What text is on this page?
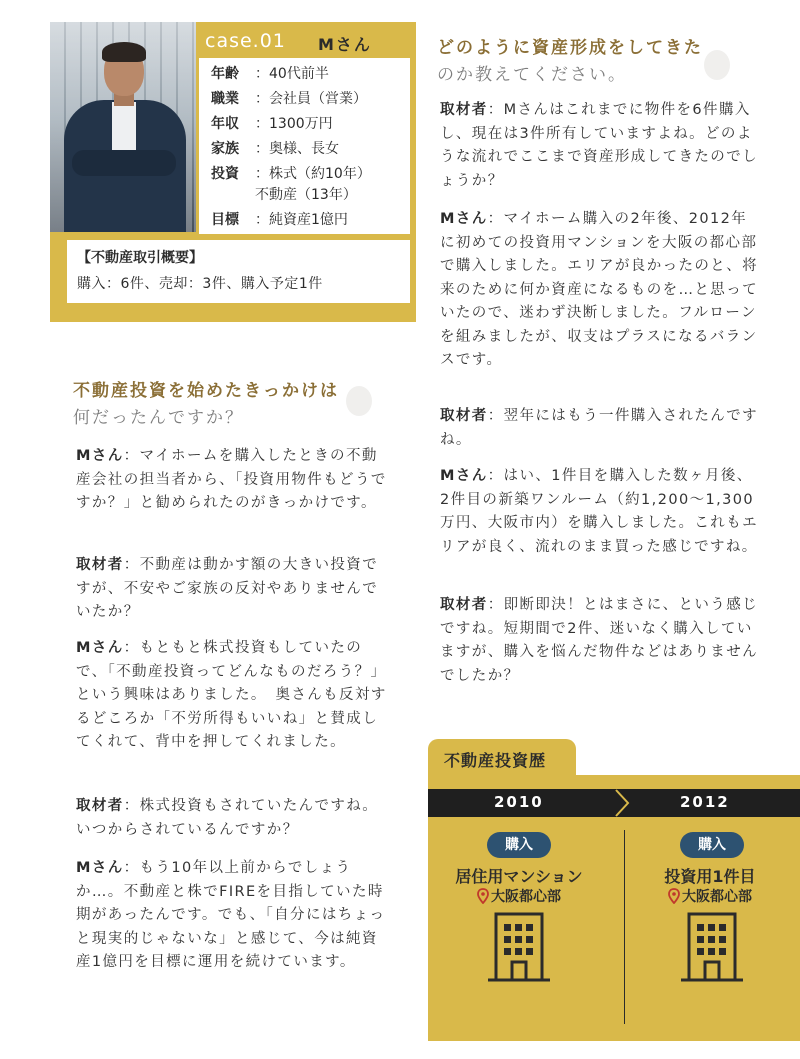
case.01 Mさん
年齢 ：40代前半
職業 ：会社員（営業）
年収 ：1300万円
家族 ：奥様、長女
投資 ：株式（約10年）
不動産（13年）
目標 ：純資産1億円
【不動産取引概要】
購入：6件、売却：3件、購入予定1件
どのように資産形成をしてきた
のか教えてください。
取材者：Mさんはこれまでに物件を6件購入し、現在は3件所有していますよね。どのような流れでここまで資産形成してきたのでしょうか？
Mさん：マイホーム購入の2年後、2012年に初めての投資用マンションを大阪の都心部で購入しました。エリアが良かったのと、将来のために何か資産になるものを…と思っていたので、迷わず決断しました。フルローンを組みましたが、収支はプラスになるバランスです。
取材者：翌年にはもう一件購入されたんですね。
Mさん：はい、1件目を購入した数ヶ月後、2件目の新築ワンルーム（約1,200～1,300万円、大阪市内）を購入しました。これもエリアが良く、流れのまま買った感じですね。
取材者：即断即決！とはまさに、という感じですね。短期間で2件、迷いなく購入していますが、購入を悩んだ物件などはありませんでしたか？
不動産投資を始めたきっかけは
何だったんですか？
Mさん：マイホームを購入したときの不動産会社の担当者から、「投資用物件もどうですか？」と勧められたのがきっかけです。
取材者：不動産は動かす額の大きい投資ですが、不安やご家族の反対やありませんでいたか？
Mさん：もともと株式投資もしていたので、「不動産投資ってどんなものだろう？」という興味はありました。　奥さんも反対するどころか「不労所得もいいね」と賛成してくれて、背中を押してくれました。
取材者：株式投資もされていたんですね。いつからされているんですか？
Mさん：もう10年以上前からでしょうか…。不動産と株でFIREを目指していた時期があったんです。でも、「自分にはちょっと現実的じゃないな」と感じて、今は純資産1億円を目標に運用を続けています。
不動産投資歴
2010	2012
購入
居住用マンション
大阪都心部
購入
投資用1件目
大阪都心部
